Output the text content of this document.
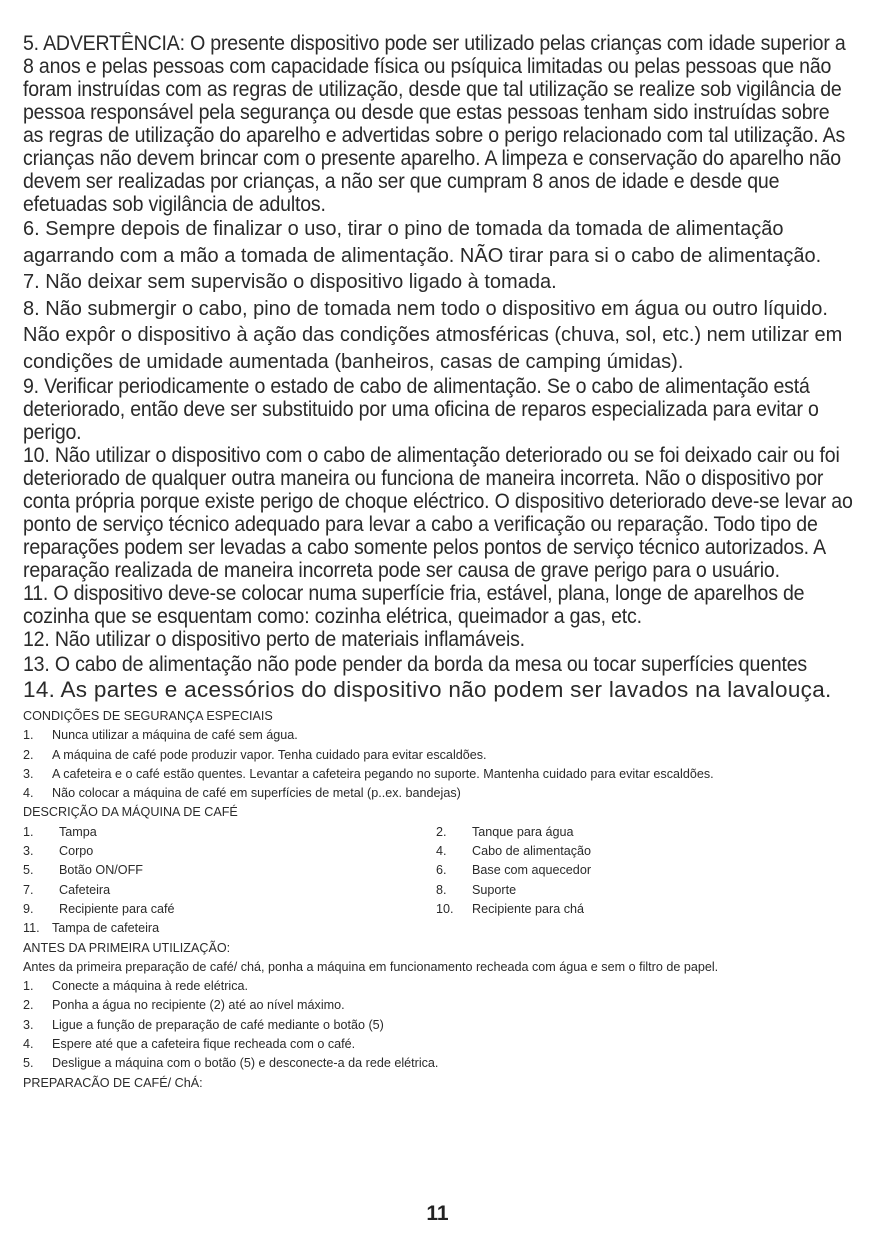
5. ADVERTÊNCIA: O presente dispositivo pode ser utilizado pelas crianças com idade superior a 8 anos e pelas pessoas com capacidade física ou psíquica limitadas ou pelas pessoas que não foram instruídas com as regras de utilização, desde que tal utilização se realize sob vigilância de pessoa responsável pela segurança ou desde que estas pessoas tenham sido instruídas sobre as regras de utilização do aparelho e advertidas sobre o perigo relacionado com tal utilização. As crianças não devem brincar com o presente aparelho. A limpeza e conservação do aparelho não devem ser realizadas por crianças, a não ser que cumpram 8 anos de idade e desde que efetuadas sob vigilância de adultos.

6. Sempre depois de finalizar o uso, tirar o pino de tomada da tomada de alimentação agarrando com a mão a tomada de alimentação. NÃO tirar para si o cabo de alimentação.

7. Não deixar sem supervisão o dispositivo ligado à tomada.

8. Não submergir o cabo, pino de tomada nem todo o dispositivo em água ou outro líquido. Não expôr o dispositivo à ação das condições atmosféricas (chuva, sol, etc.) nem utilizar em condições de umidade aumentada (banheiros, casas de camping úmidas).

9. Verificar periodicamente o estado de cabo de alimentação. Se o cabo de alimentação está deteriorado, então deve ser substituido por uma oficina de reparos especializada para evitar o perigo.

10. Não utilizar o dispositivo com o cabo de alimentação deteriorado ou se foi deixado cair ou foi deteriorado de qualquer outra maneira ou funciona de maneira incorreta. Não o dispositivo por conta própria porque existe perigo de choque eléctrico. O dispositivo deteriorado deve-se levar ao ponto de serviço técnico adequado para levar a cabo a verificação ou reparação. Todo tipo de reparações podem ser levadas a cabo somente pelos pontos de serviço técnico autorizados. A reparação realizada de maneira incorreta pode ser causa de grave perigo para o usuário.

11. O dispositivo deve-se colocar numa superfície fria, estável, plana, longe de aparelhos de cozinha que se esquentam como: cozinha elétrica, queimador a gas, etc.

12. Não utilizar o dispositivo perto de materiais inflamáveis.

13. O cabo de alimentação não pode pender da borda da mesa ou tocar superfícies quentes

14. As partes e acessórios do dispositivo não podem ser lavados na lavalouça.

CONDIÇÕES DE SEGURANÇA ESPECIAIS

1.	Nunca utilizar a máquina de café sem água.
2.	A máquina de café pode produzir vapor. Tenha cuidado para evitar escaldões.
3.	A cafeteira e o café estão quentes. Levantar a cafeteira pegando no suporte. Mantenha cuidado para evitar escaldões.
4.	Não colocar a máquina de café em superfícies de metal (p..ex. bandejas)

DESCRIÇÃO DA MÁQUINA DE CAFÉ

1.	Tampa	2.	Tanque para água
3.	Corpo	4.	Cabo de alimentação
5.	Botão ON/OFF	6.	Base com aquecedor
7.	Cafeteira	8.	Suporte
9.	Recipiente para café	10.	Recipiente para chá
11. Tampa de cafeteira

ANTES DA PRIMEIRA UTILIZAÇÃO:

Antes da primeira preparação de café/ chá, ponha a máquina em funcionamento recheada com água e sem o filtro de papel.

1.	Conecte a máquina à rede elétrica.
2.	Ponha a água no recipiente (2) até ao nível máximo.
3.	Ligue a função de preparação de café mediante o botão (5)
4.	Espere até que a cafeteira fique recheada com o café.
5.	Desligue a máquina com o botão (5) e desconecte-a da rede elétrica.

PREPARACÃO DE CAFÉ/ ChÁ:

11
